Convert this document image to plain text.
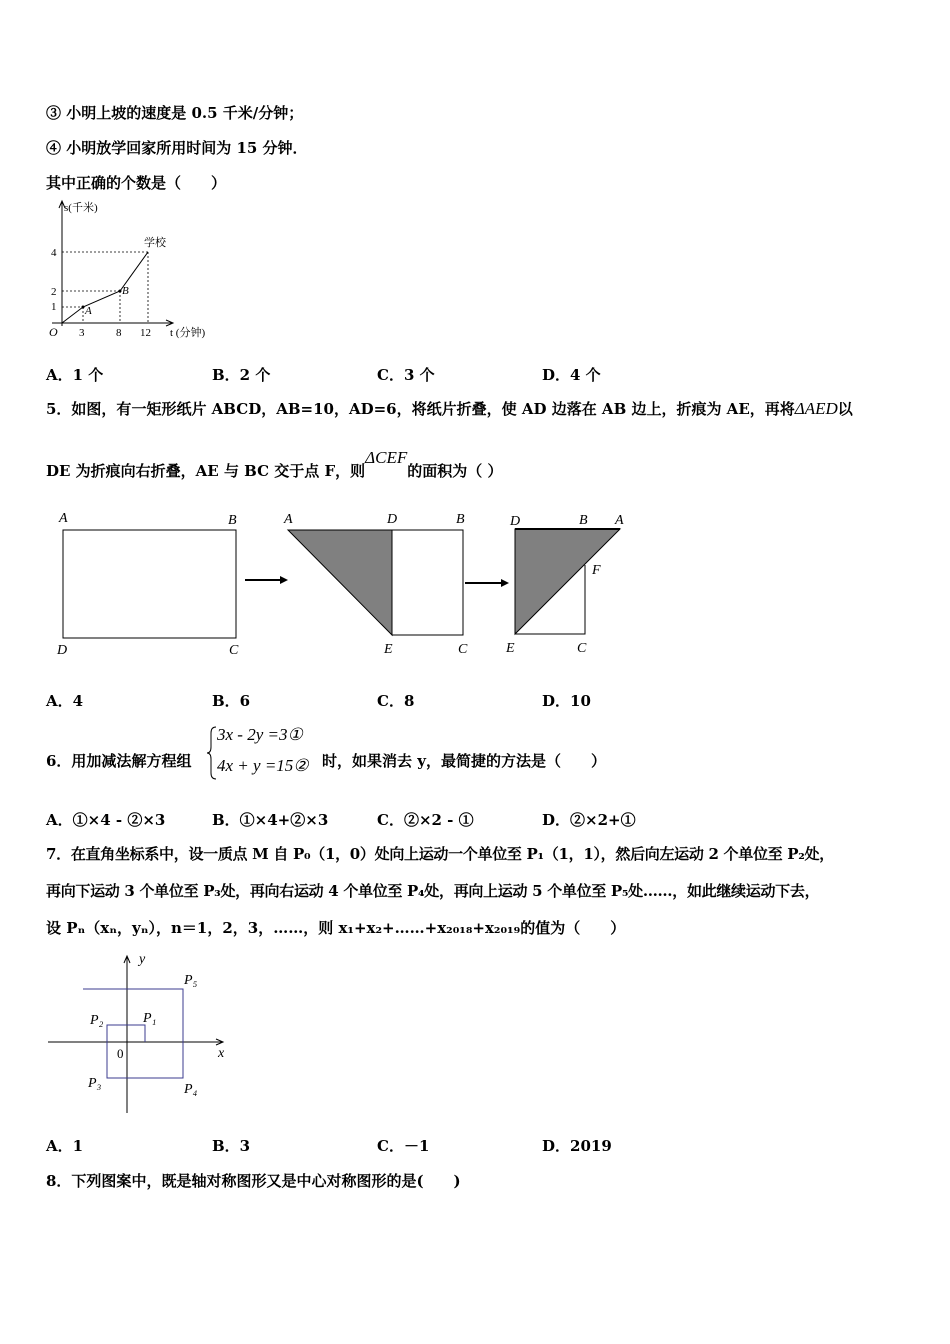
③ 小明上坡的速度是 0.5 千米/分钟；
④ 小明放学回家所用时间为 15 分钟．
其中正确的个数是（　　）
s(千米)
t (分钟)
O
学校
A
B
4
2
1
3	8 12
A．1 个	B．2 个	C．3 个	D．4 个
5．如图，有一矩形纸片 ABCD，AB=10，AD=6，将纸片折叠，使 AD 边落在 AB 边上，折痕为 AE，再将ΔAED以
DE 为折痕向右折叠，AE 与 BC 交于点 F，则ΔCEF的面积为（ ）
A	B
D	C
A	D	B
E	C
D	B A
F
E	C
A．4	B．6	C．8	D．10
6．用加减法解方程组
3x - 2y =3①
4x + y =15② 时，如果消去 y，最简捷的方法是（　　）
A．①×4 - ②×3	B．①×4+②×3	C．②×2 - ①	D．②×2+①
7．在直角坐标系中，设一质点 M 自 P₀（1，0）处向上运动一个单位至 P₁（1，1），然后向左运动 2 个单位至 P₂处，
再向下运动 3 个单位至 P₃处，再向右运动 4 个单位至 P₄处，再向上运动 5 个单位至 P₅处……，如此继续运动下去，
设 Pₙ（xₙ，yₙ），n＝1，2，3，……，则 x₁+x₂+……+x₂₀₁₈+x₂₀₁₉的值为（　　）
y
x
0
P₁
P₂
P₃	P₄
P₅
A．1	B．3	C．－1	D．2019
8．下列图案中，既是轴对称图形又是中心对称图形的是(　　)
